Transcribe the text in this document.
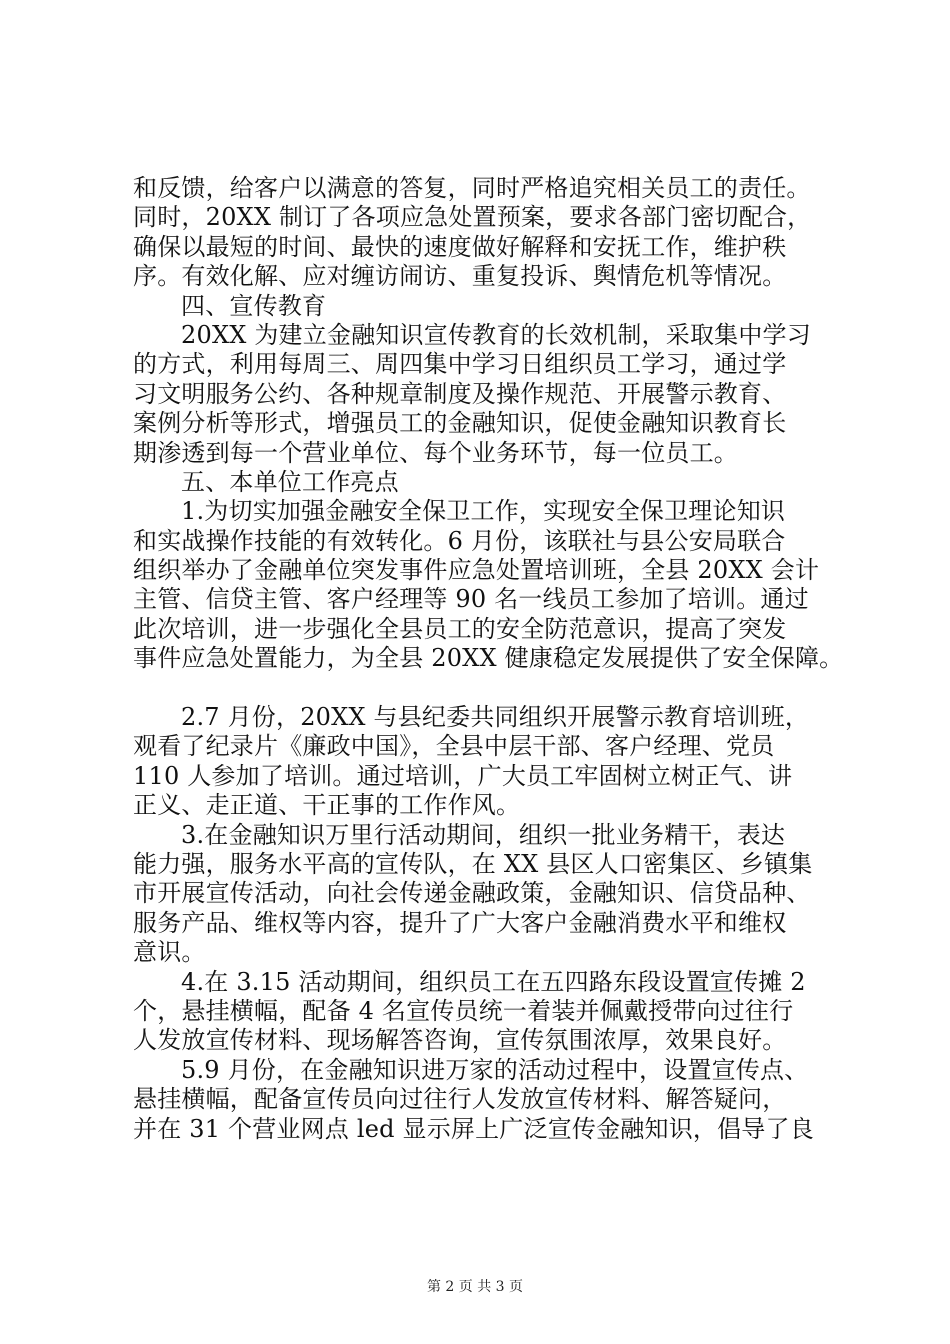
和反馈，给客户以满意的答复，同时严格追究相关员工的责任。
同时，20XX 制订了各项应急处置预案，要求各部门密切配合，
确保以最短的时间、最快的速度做好解释和安抚工作，维护秩
序。有效化解、应对缠访闹访、重复投诉、舆情危机等情况。
四、宣传教育
20XX 为建立金融知识宣传教育的长效机制，采取集中学习
的方式，利用每周三、周四集中学习日组织员工学习，通过学
习文明服务公约、各种规章制度及操作规范、开展警示教育、
案例分析等形式，增强员工的金融知识，促使金融知识教育长
期渗透到每一个营业单位、每个业务环节，每一位员工。
五、本单位工作亮点
1.为切实加强金融安全保卫工作，实现安全保卫理论知识
和实战操作技能的有效转化。6 月份，该联社与县公安局联合
组织举办了金融单位突发事件应急处置培训班，全县 20XX 会计
主管、信贷主管、客户经理等 90 名一线员工参加了培训。通过
此次培训，进一步强化全县员工的安全防范意识，提高了突发
事件应急处置能力，为全县 20XX 健康稳定发展提供了安全保障。
2.7 月份，20XX 与县纪委共同组织开展警示教育培训班，
观看了纪录片《廉政中国》，全县中层干部、客户经理、党员
110 人参加了培训。通过培训，广大员工牢固树立树正气、讲
正义、走正道、干正事的工作作风。
3.在金融知识万里行活动期间，组织一批业务精干，表达
能力强，服务水平高的宣传队，在 XX 县区人口密集区、乡镇集
市开展宣传活动，向社会传递金融政策，金融知识、信贷品种、
服务产品、维权等内容，提升了广大客户金融消费水平和维权
意识。
4.在 3.15 活动期间，组织员工在五四路东段设置宣传摊 2
个，悬挂横幅，配备 4 名宣传员统一着装并佩戴授带向过往行
人发放宣传材料、现场解答咨询，宣传氛围浓厚，效果良好。
5.9 月份，在金融知识进万家的活动过程中，设置宣传点、
悬挂横幅，配备宣传员向过往行人发放宣传材料、解答疑问，
并在 31 个营业网点 led 显示屏上广泛宣传金融知识，倡导了良
第 2 页 共 3 页
